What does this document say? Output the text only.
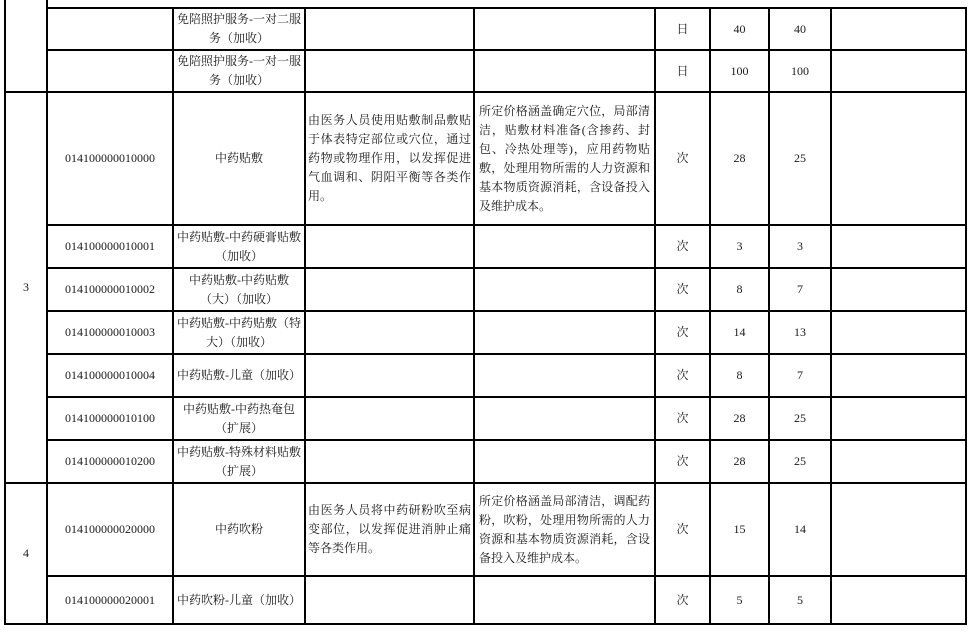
		免陪照护服务-一对二服务（加收）			日	40	40	
		免陪照护服务-一对一服务（加收）			日	100	100	
3	014100000010000	中药贴敷	由医务人员使用贴敷制品敷贴于体表特定部位或穴位，通过药物或物理作用，以发挥促进气血调和、阴阳平衡等各类作用。	所定价格涵盖确定穴位，局部清洁，贴敷材料准备(含掺药、封包、冷热处理等)，应用药物贴敷，处理用物所需的人力资源和基本物质资源消耗，含设备投入及维护成本。	次	28	25	
	014100000010001	中药贴敷-中药硬膏贴敷（加收）			次	3	3	
	014100000010002	中药贴敷-中药贴敷（大）（加收）			次	8	7	
	014100000010003	中药贴敷-中药贴敷（特大）（加收）			次	14	13	
	014100000010004	中药贴敷-儿童（加收）			次	8	7	
	014100000010100	中药贴敷-中药热奄包（扩展）			次	28	25	
	014100000010200	中药贴敷-特殊材料贴敷（扩展）			次	28	25	
4	014100000020000	中药吹粉	由医务人员将中药研粉吹至病变部位，以发挥促进消肿止痛等各类作用。	所定价格涵盖局部清洁，调配药粉，吹粉，处理用物所需的人力资源和基本物质资源消耗，含设备投入及维护成本。	次	15	14	
	014100000020001	中药吹粉-儿童（加收）			次	5	5	
